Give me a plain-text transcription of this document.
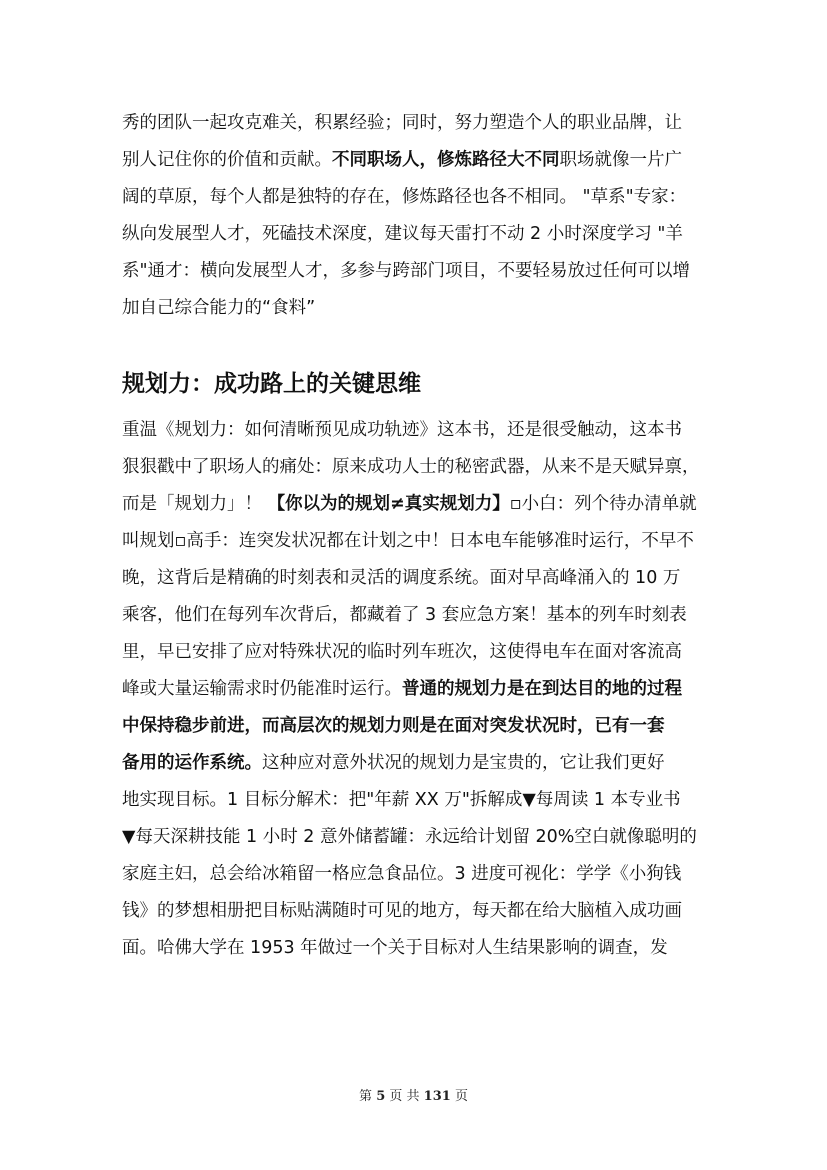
秀的团队一起攻克难关，积累经验；同时，努力塑造个人的职业品牌，让
别人记住你的价值和贡献。不同职场人，修炼路径大不同职场就像一片广
阔的草原，每个人都是独特的存在，修炼路径也各不相同。 "草系"专家：
纵向发展型人才，死磕技术深度，建议每天雷打不动 2 小时深度学习 "羊
系"通才：横向发展型人才，多参与跨部门项目，不要轻易放过任何可以增
加自己综合能力的“食料”
规划力：成功路上的关键思维
重温《规划力：如何清晰预见成功轨迹》这本书，还是很受触动，这本书
狠狠戳中了职场人的痛处：原来成功人士的秘密武器，从来不是天赋异禀，
而是「规划力」！ 【你以为的规划≠真实规划力】▫小白：列个待办清单就
叫规划▫高手：连突发状况都在计划之中！日本电车能够准时运行，不早不
晚，这背后是精确的时刻表和灵活的调度系统。面对早高峰涌入的 10 万
乘客，他们在每列车次背后，都藏着了 3 套应急方案！基本的列车时刻表
里，早已安排了应对特殊状况的临时列车班次，这使得电车在面对客流高
峰或大量运输需求时仍能准时运行。普通的规划力是在到达目的地的过程
中保持稳步前进，而高层次的规划力则是在面对突发状况时，已有一套
备用的运作系统。这种应对意外状况的规划力是宝贵的，它让我们更好
地实现目标。1 目标分解术：把"年薪 XX 万"拆解成▼每周读 1 本专业书
▼每天深耕技能 1 小时 2 意外储蓄罐：永远给计划留 20%空白就像聪明的
家庭主妇，总会给冰箱留一格应急食品位。3 进度可视化：学学《小狗钱
钱》的梦想相册把目标贴满随时可见的地方，每天都在给大脑植入成功画
面。哈佛大学在 1953 年做过一个关于目标对人生结果影响的调查，发
第 5 页 共 131 页
